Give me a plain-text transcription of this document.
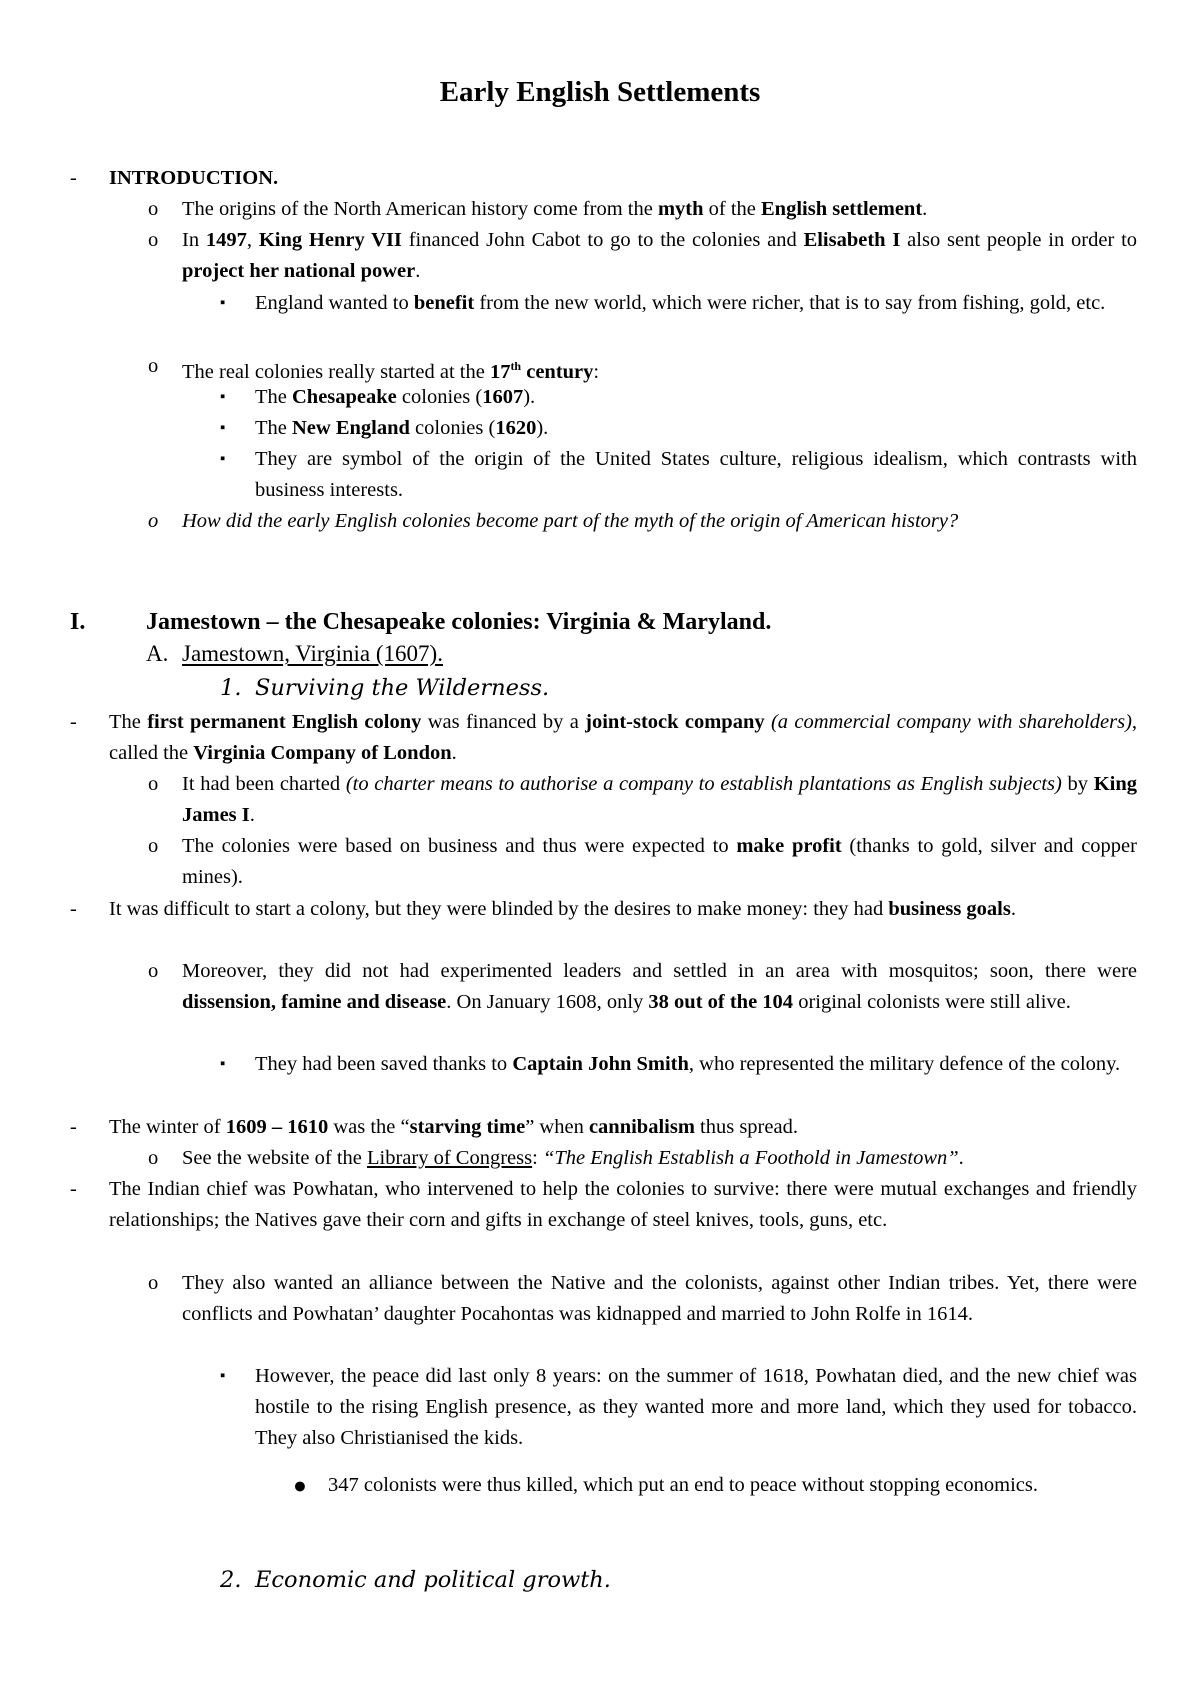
Early English Settlements
- INTRODUCTION.
o The origins of the North American history come from the myth of the English settlement.
o In 1497, King Henry VII financed John Cabot to go to the colonies and Elisabeth I also sent people in order to project her national power.
▪ England wanted to benefit from the new world, which were richer, that is to say from fishing, gold, etc.
o The real colonies really started at the 17th century:
▪ The Chesapeake colonies (1607).
▪ The New England colonies (1620).
▪ They are symbol of the origin of the United States culture, religious idealism, which contrasts with business interests.
o How did the early English colonies become part of the myth of the origin of American history?
I.	Jamestown – the Chesapeake colonies: Virginia & Maryland.
A. Jamestown, Virginia (1607).
1. Surviving the Wilderness.
- The first permanent English colony was financed by a joint-stock company (a commercial company with shareholders), called the Virginia Company of London.
o It had been charted (to charter means to authorise a company to establish plantations as English subjects) by King James I.
o The colonies were based on business and thus were expected to make profit (thanks to gold, silver and copper mines).
- It was difficult to start a colony, but they were blinded by the desires to make money: they had business goals.
o Moreover, they did not had experimented leaders and settled in an area with mosquitos; soon, there were dissension, famine and disease. On January 1608, only 38 out of the 104 original colonists were still alive.
▪ They had been saved thanks to Captain John Smith, who represented the military defence of the colony.
- The winter of 1609 – 1610 was the “starving time” when cannibalism thus spread.
o See the website of the Library of Congress: “The English Establish a Foothold in Jamestown”.
- The Indian chief was Powhatan, who intervened to help the colonies to survive: there were mutual exchanges and friendly relationships; the Natives gave their corn and gifts in exchange of steel knives, tools, guns, etc.
o They also wanted an alliance between the Native and the colonists, against other Indian tribes. Yet, there were conflicts and Powhatan’ daughter Pocahontas was kidnapped and married to John Rolfe in 1614.
▪ However, the peace did last only 8 years: on the summer of 1618, Powhatan died, and the new chief was hostile to the rising English presence, as they wanted more and more land, which they used for tobacco. They also Christianised the kids.
● 347 colonists were thus killed, which put an end to peace without stopping economics.
2. Economic and political growth.
